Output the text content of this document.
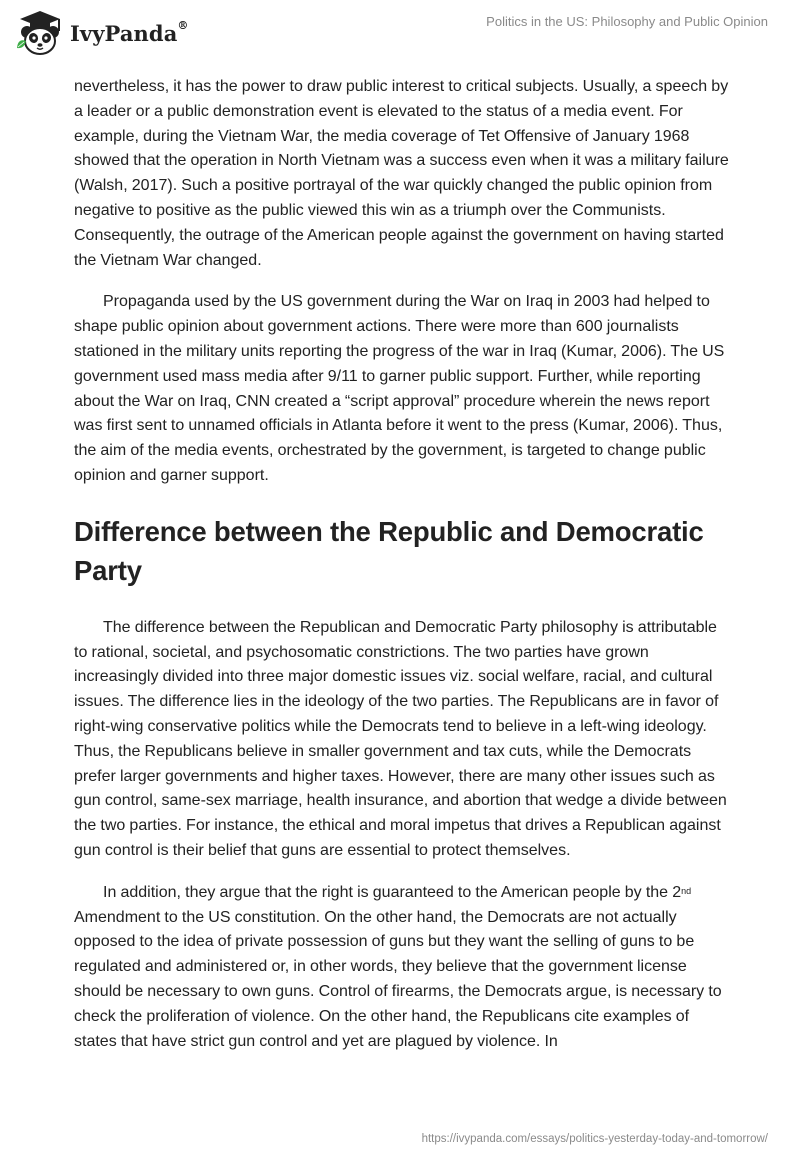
IvyPanda®	Politics in the US: Philosophy and Public Opinion

nevertheless, it has the power to draw public interest to critical subjects. Usually, a speech by a leader or a public demonstration event is elevated to the status of a media event. For example, during the Vietnam War, the media coverage of Tet Offensive of January 1968 showed that the operation in North Vietnam was a success even when it was a military failure (Walsh, 2017). Such a positive portrayal of the war quickly changed the public opinion from negative to positive as the public viewed this win as a triumph over the Communists. Consequently, the outrage of the American people against the government on having started the Vietnam War changed.

Propaganda used by the US government during the War on Iraq in 2003 had helped to shape public opinion about government actions. There were more than 600 journalists stationed in the military units reporting the progress of the war in Iraq (Kumar, 2006). The US government used mass media after 9/11 to garner public support. Further, while reporting about the War on Iraq, CNN created a “script approval” procedure wherein the news report was first sent to unnamed officials in Atlanta before it went to the press (Kumar, 2006). Thus, the aim of the media events, orchestrated by the government, is targeted to change public opinion and garner support.

Difference between the Republic and Democratic Party

The difference between the Republican and Democratic Party philosophy is attributable to rational, societal, and psychosomatic constrictions. The two parties have grown increasingly divided into three major domestic issues viz. social welfare, racial, and cultural issues. The difference lies in the ideology of the two parties. The Republicans are in favor of right-wing conservative politics while the Democrats tend to believe in a left-wing ideology. Thus, the Republicans believe in smaller government and tax cuts, while the Democrats prefer larger governments and higher taxes. However, there are many other issues such as gun control, same-sex marriage, health insurance, and abortion that wedge a divide between the two parties. For instance, the ethical and moral impetus that drives a Republican against gun control is their belief that guns are essential to protect themselves.

In addition, they argue that the right is guaranteed to the American people by the 2nd Amendment to the US constitution. On the other hand, the Democrats are not actually opposed to the idea of private possession of guns but they want the selling of guns to be regulated and administered or, in other words, they believe that the government license should be necessary to own guns. Control of firearms, the Democrats argue, is necessary to check the proliferation of violence. On the other hand, the Republicans cite examples of states that have strict gun control and yet are plagued by violence. In

https://ivypanda.com/essays/politics-yesterday-today-and-tomorrow/
